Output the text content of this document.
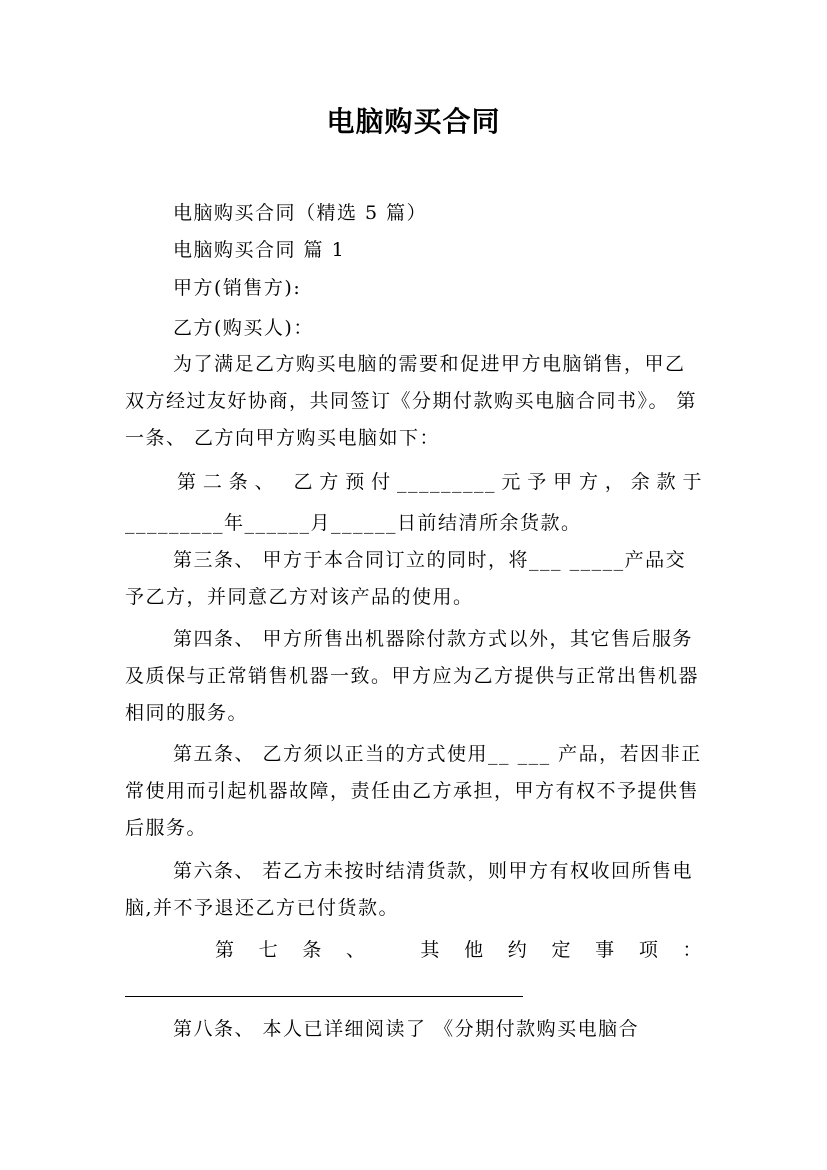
电脑购买合同
电脑购买合同（精选 5 篇）
电脑购买合同 篇 1
甲方(销售方):
乙方(购买人)：
为了满足乙方购买电脑的需要和促进甲方电脑销售，甲乙双方经过友好协商，共同签订《分期付款购买电脑合同书》。 第一条、 乙方向甲方购买电脑如下：
第二条、 乙方预付_________元予甲方，余款于
_________年______月______日前结清所余货款。
第三条、 甲方于本合同订立的同时，将___ _____产品交予乙方，并同意乙方对该产品的使用。
第四条、 甲方所售出机器除付款方式以外，其它售后服务及质保与正常销售机器一致。甲方应为乙方提供与正常出售机器相同的服务。
第五条、 乙方须以正当的方式使用__ ___ 产品，若因非正常使用而引起机器故障，责任由乙方承担，甲方有权不予提供售后服务。
第六条、 若乙方未按时结清货款，则甲方有权收回所售电脑,并不予退还乙方已付货款。
第七条、 其他约定事项：
第八条、 本人已详细阅读了 《分期付款购买电脑合
